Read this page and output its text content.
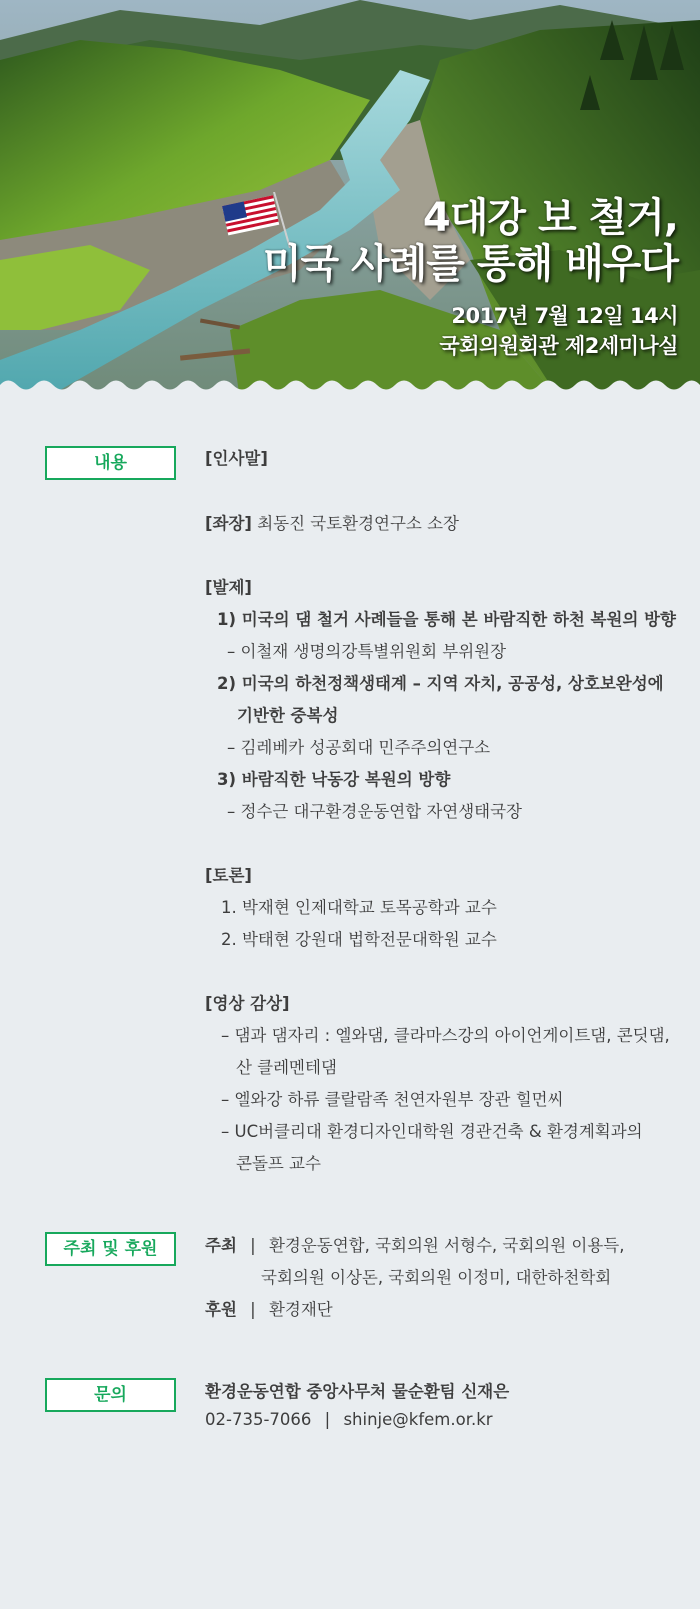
4대강 보 철거,
미국 사례를 통해 배우다
2017년 7월 12일 14시
국회의원회관 제2세미나실
내용	[인사말]
[좌장] 최동진 국토환경연구소 소장
[발제]
1) 미국의 댐 철거 사례들을 통해 본 바람직한 하천 복원의 방향
– 이철재 생명의강특별위원회 부위원장
2) 미국의 하천정책생태계 – 지역 자치, 공공성, 상호보완성에
기반한 중복성
– 김레베카 성공회대 민주주의연구소
3) 바람직한 낙동강 복원의 방향
– 정수근 대구환경운동연합 자연생태국장
[토론]
1. 박재현 인제대학교 토목공학과 교수
2. 박태현 강원대 법학전문대학원 교수
[영상 감상]
– 댐과 댐자리 : 엘와댐, 클라마스강의 아이언게이트댐, 콘딧댐,
산 클레멘테댐
– 엘와강 하류 클랄람족 천연자원부 장관 힐먼씨
– UC버클리대 환경디자인대학원 경관건축 & 환경계획과의
콘돌프 교수
주최 및 후원	주최 | 환경운동연합, 국회의원 서형수, 국회의원 이용득,
국회의원 이상돈, 국회의원 이정미, 대한하천학회
후원 | 환경재단
문의	환경운동연합 중앙사무처 물순환팀 신재은
02-735-7066 | shinje@kfem.or.kr
